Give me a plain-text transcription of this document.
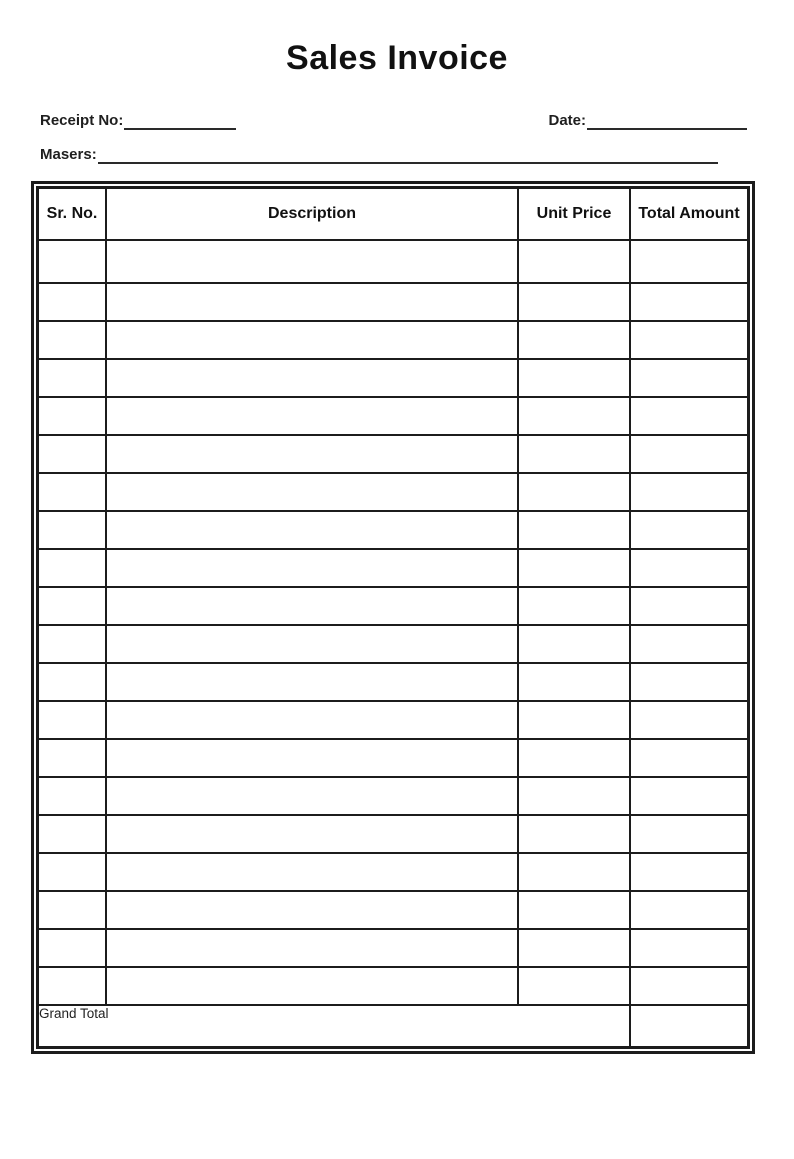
Sales Invoice
Receipt No:	Date:
Masers:
Sr. No.	Description	Unit Price	Total Amount

Grand Total			
